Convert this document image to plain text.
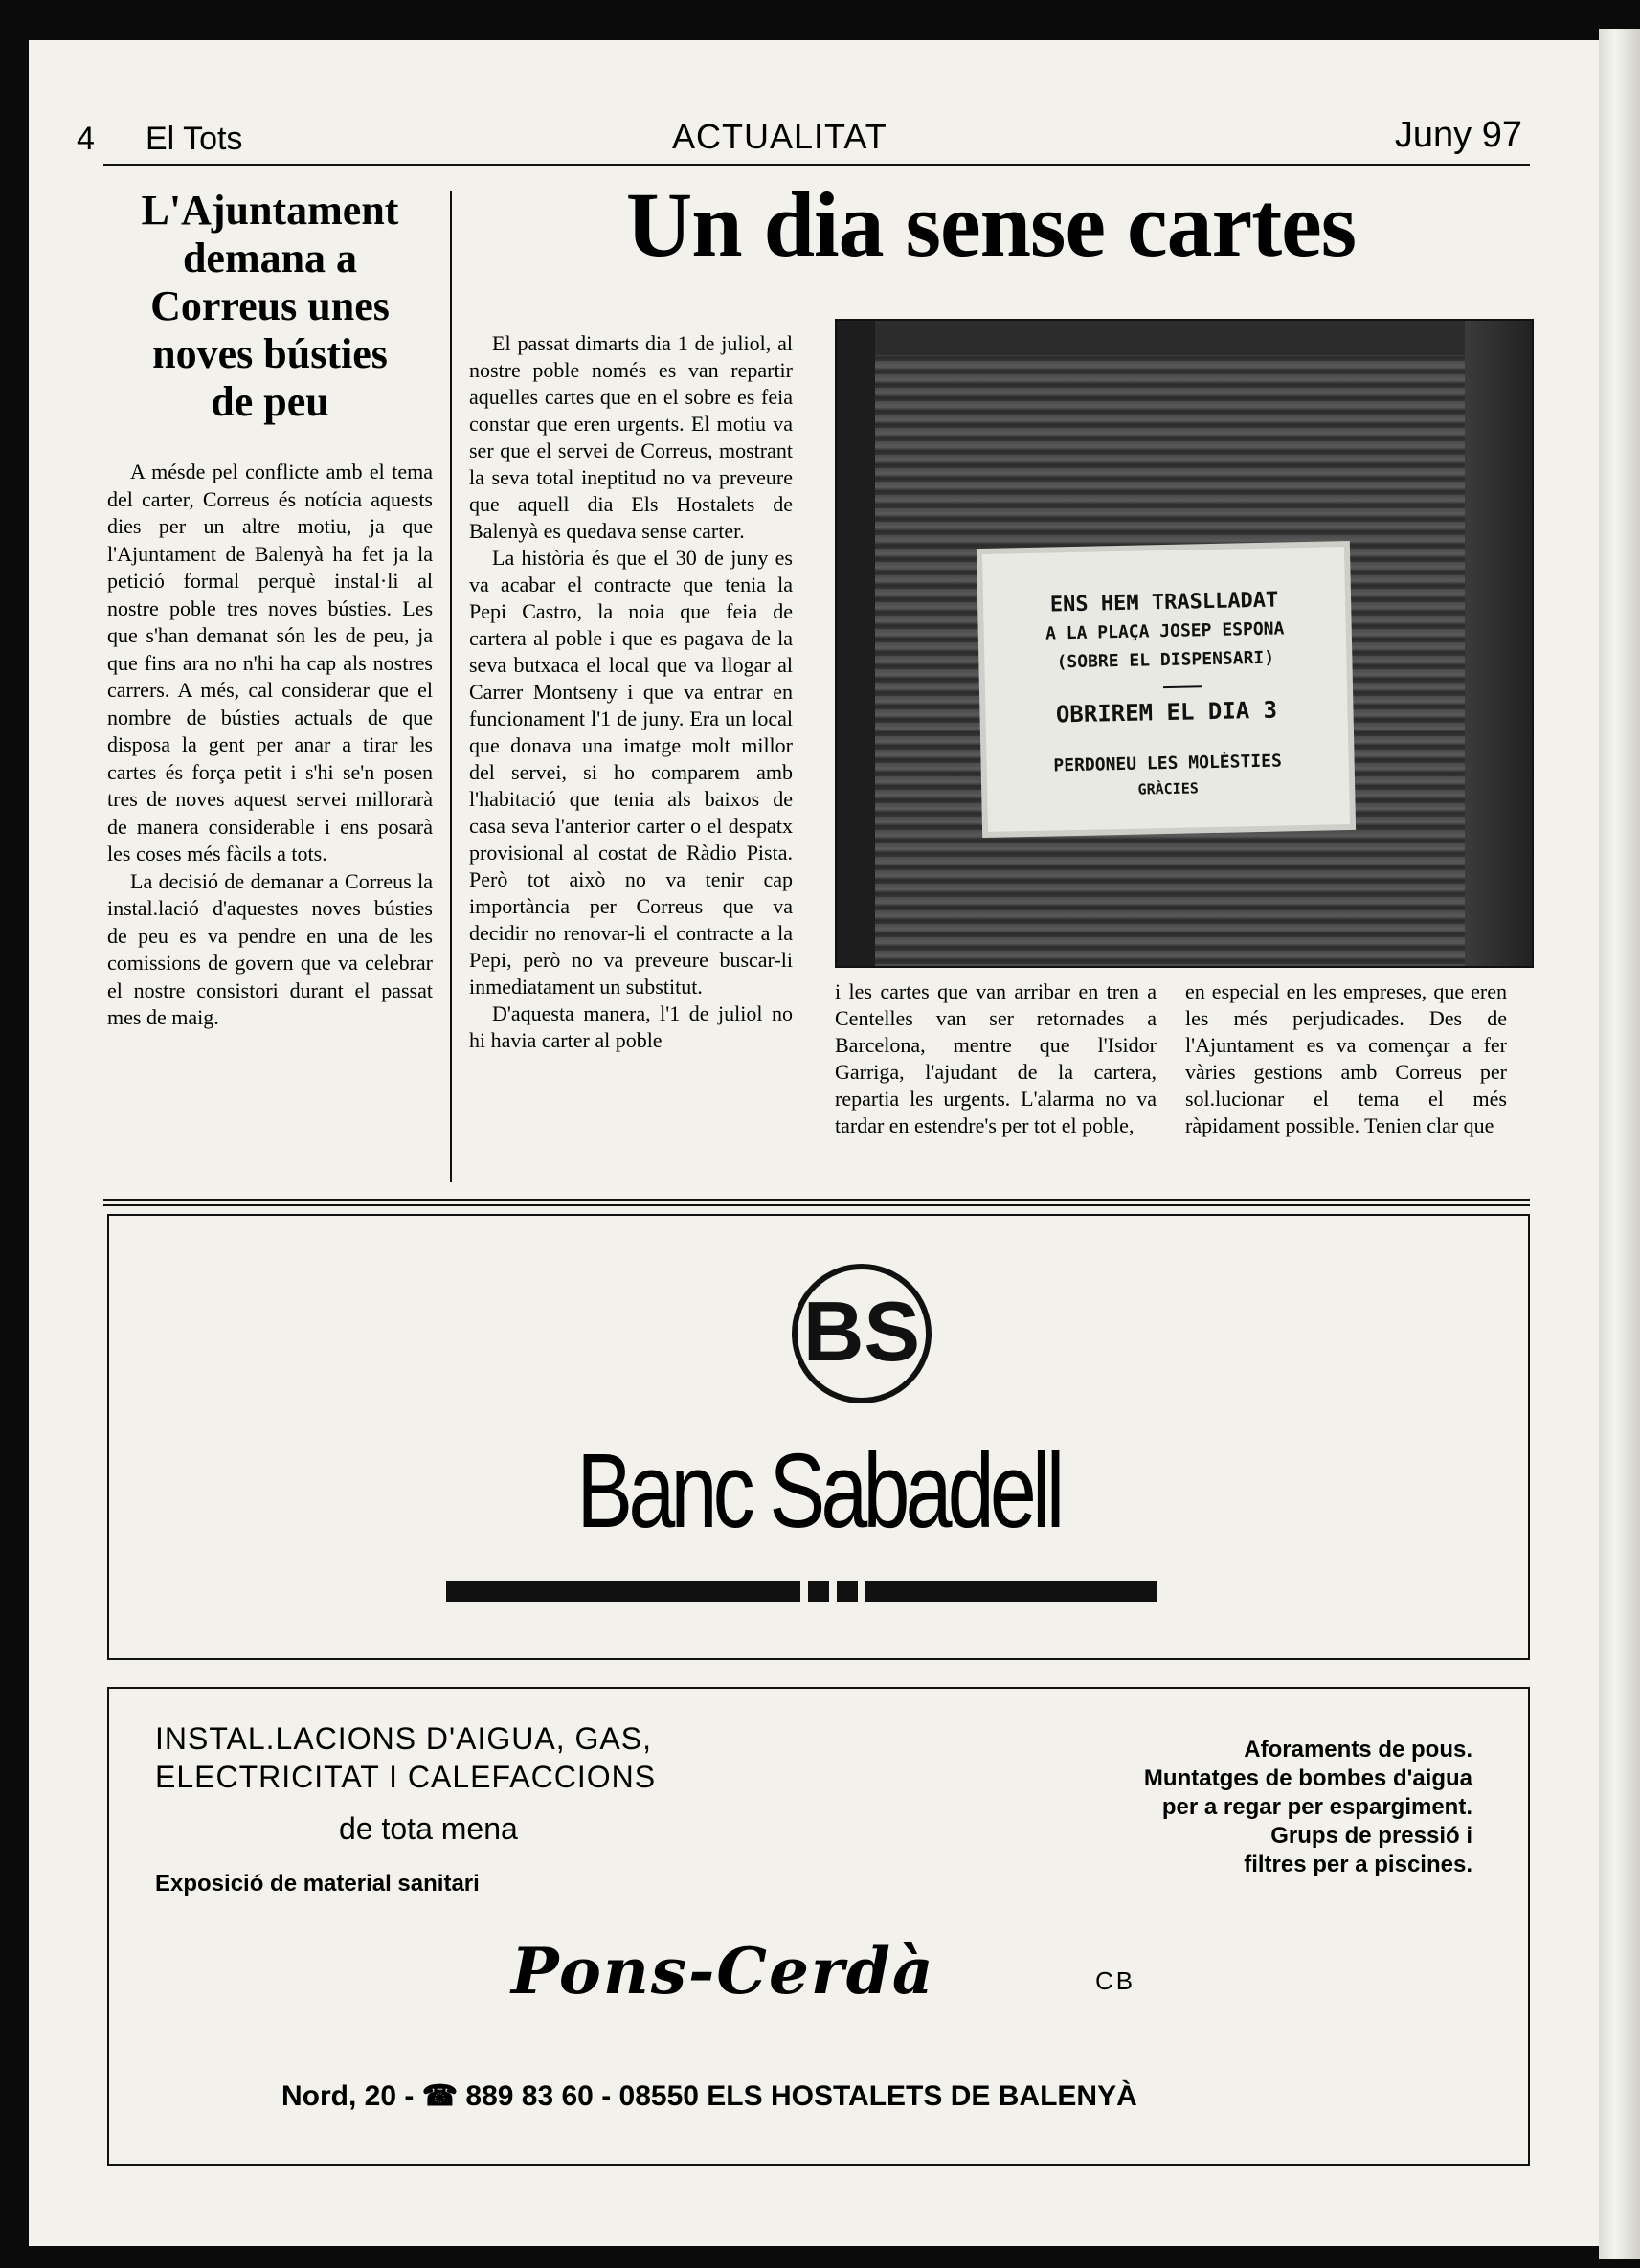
4 El Tots	ACTUALITAT	Juny 97
L'Ajuntament
demana a
Correus unes
noves bústies
de peu

A mésde pel conflicte amb el tema del carter, Correus és notícia aquests dies per un altre motiu, ja que l'Ajuntament de Balenyà ha fet ja la petició formal perquè instal·li al nostre poble tres noves bústies. Les que s'han demanat són les de peu, ja que fins ara no n'hi ha cap als nostres carrers. A més, cal considerar que el nombre de bústies actuals de que disposa la gent per anar a tirar les cartes és força petit i s'hi se'n posen tres de noves aquest servei millorarà de manera considerable i ens posarà les coses més fàcils a tots.

La decisió de demanar a Correus la instal.lació d'aquestes noves bústies de peu es va pendre en una de les comissions de govern que va celebrar el nostre consistori durant el passat mes de maig.

Un dia sense cartes

El passat dimarts dia 1 de juliol, al nostre poble només es van repartir aquelles cartes que en el sobre es feia constar que eren urgents. El motiu va ser que el servei de Correus, mostrant la seva total ineptitud no va preveure que aquell dia Els Hostalets de Balenyà es quedava sense carter.

La història és que el 30 de juny es va acabar el contracte que tenia la Pepi Castro, la noia que feia de cartera al poble i que es pagava de la seva butxaca el local que va llogar al Carrer Montseny i que va entrar en funcionament l'1 de juny. Era un local que donava una imatge molt millor del servei, si ho comparem amb l'habitació que tenia als baixos de casa seva l'anterior carter o el despatx provisional al costat de Ràdio Pista. Però tot això no va tenir cap importància per Correus que va decidir no renovar-li el contracte a la Pepi, però no va preveure buscar-li inmediatament un substitut.

D'aquesta manera, l'1 de juliol no hi havia carter al poble

ENS HEM TRASLLADAT
A LA PLAÇA JOSEP ESPONA
(SOBRE EL DISPENSARI)
OBRIREM EL DIA 3
PERDONEU LES MOLÈSTIES
GRÀCIES

i les cartes que van arribar en tren a Centelles van ser retornades a Barcelona, mentre que l'Isidor Garriga, l'ajudant de la cartera, repartia les urgents. L'alarma no va tardar en estendre's per tot el poble,

en especial en les empreses, que eren les més perjudicades. Des de l'Ajuntament es va començar a fer vàries gestions amb Correus per sol.lucionar el tema el més ràpidament possible. Tenien clar que

BS
Banc Sabadell
INSTAL.LACIONS D'AIGUA, GAS,
ELECTRICITAT I CALEFACCIONS
de tota mena
Exposició de material sanitari
Aforaments de pous.
Muntatges de bombes d'aigua
per a regar per espargiment.
Grups de pressió i
filtres per a piscines.
Pons-Cerdà	CB
Nord, 20 - ☎ 889 83 60 - 08550 ELS HOSTALETS DE BALENYÀ
